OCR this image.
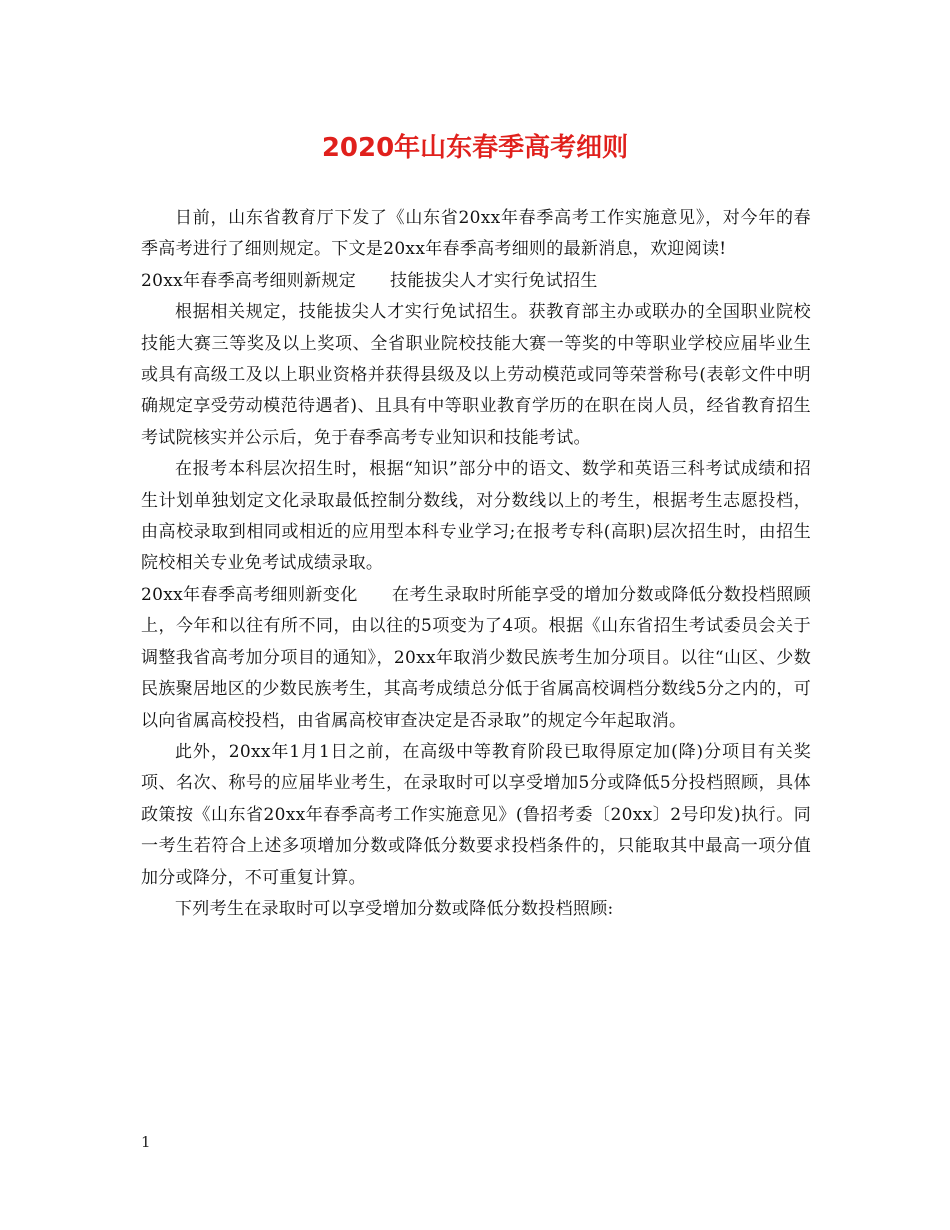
2020年山东春季高考细则

日前，山东省教育厅下发了《山东省20xx年春季高考工作实施意见》，对今年的春季高考进行了细则规定。下文是20xx年春季高考细则的最新消息，欢迎阅读!

20xx年春季高考细则新规定 技能拔尖人才实行免试招生

根据相关规定，技能拔尖人才实行免试招生。获教育部主办或联办的全国职业院校技能大赛三等奖及以上奖项、全省职业院校技能大赛一等奖的中等职业学校应届毕业生或具有高级工及以上职业资格并获得县级及以上劳动模范或同等荣誉称号(表彰文件中明确规定享受劳动模范待遇者)、且具有中等职业教育学历的在职在岗人员，经省教育招生考试院核实并公示后，免于春季高考专业知识和技能考试。

在报考本科层次招生时，根据“知识”部分中的语文、数学和英语三科考试成绩和招生计划单独划定文化录取最低控制分数线，对分数线以上的考生，根据考生志愿投档，由高校录取到相同或相近的应用型本科专业学习;在报考专科(高职)层次招生时，由招生院校相关专业免考试成绩录取。

20xx年春季高考细则新变化 在考生录取时所能享受的增加分数或降低分数投档照顾上，今年和以往有所不同，由以往的5项变为了4项。根据《山东省招生考试委员会关于调整我省高考加分项目的通知》，20xx年取消少数民族考生加分项目。以往“山区、少数民族聚居地区的少数民族考生，其高考成绩总分低于省属高校调档分数线5分之内的，可以向省属高校投档，由省属高校审查决定是否录取”的规定今年起取消。

此外，20xx年1月1日之前，在高级中等教育阶段已取得原定加(降)分项目有关奖项、名次、称号的应届毕业考生，在录取时可以享受增加5分或降低5分投档照顾，具体政策按《山东省20xx年春季高考工作实施意见》(鲁招考委〔20xx〕2号印发)执行。同一考生若符合上述多项增加分数或降低分数要求投档条件的，只能取其中最高一项分值加分或降分，不可重复计算。

下列考生在录取时可以享受增加分数或降低分数投档照顾:

1
